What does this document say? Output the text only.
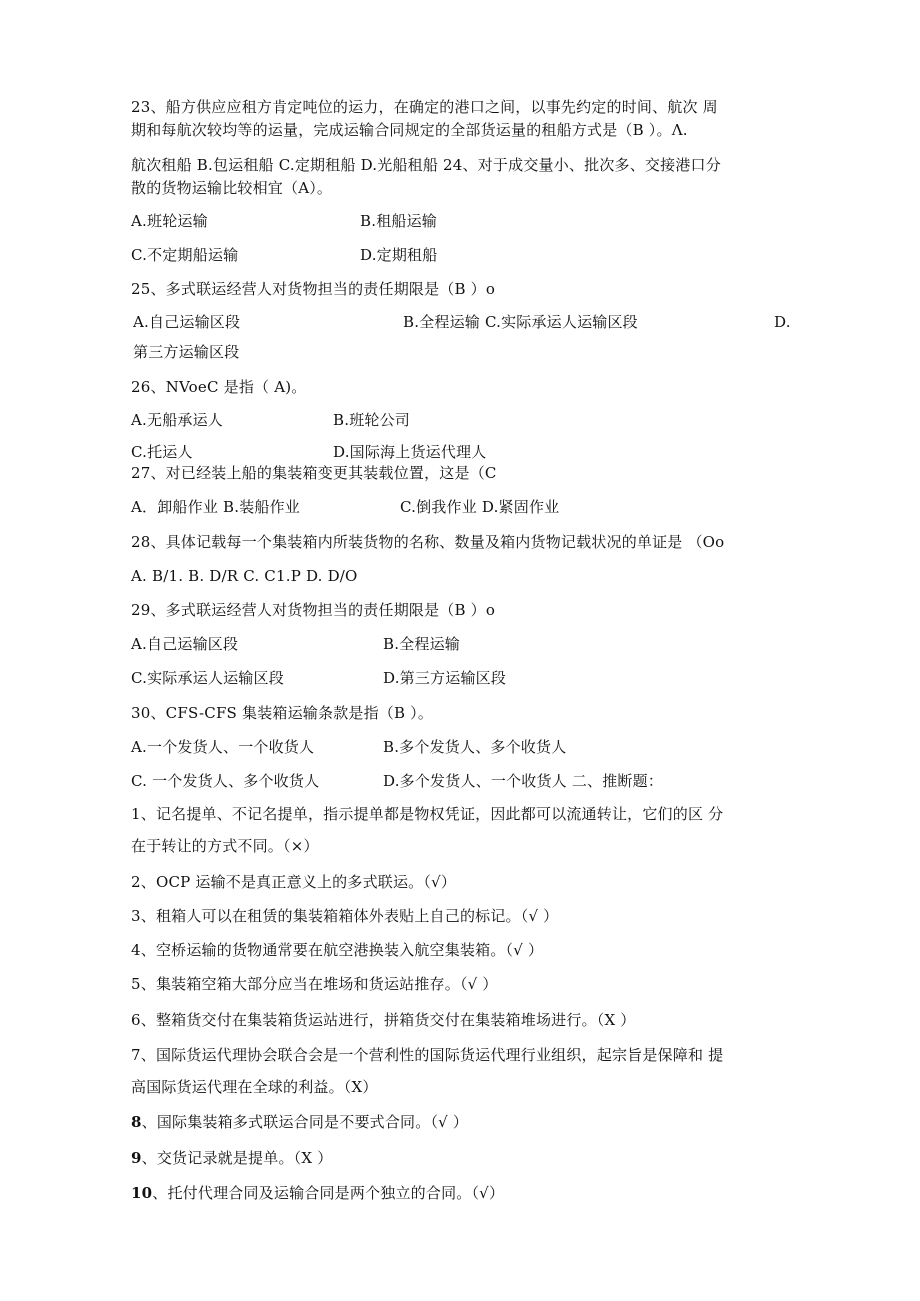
23、船方供应应租方肯定吨位的运力，在确定的港口之间，以事先约定的时间、航次 周
期和每航次较均等的运量，完成运输合同规定的全部货运量的租船方式是（B ）。Λ.
航次租船 B.包运租船 C.定期租船 D.光船租船 24、对于成交量小、批次多、交接港口分
散的货物运输比较相宜（A）。
A.班轮运输	B.租船运输
C.不定期船运输	D.定期租船
25、多式联运经营人对货物担当的责任期限是（B ）o
A.自己运输区段	B.全程运输 C.实际承运人运输区段	D.
第三方运输区段
26、NVoeC 是指（ A)。
A.无船承运人	B.班轮公司
C.托运人	D.国际海上货运代理人
27、对已经装上船的集装箱变更其装载位置，这是（C
A．卸船作业 B.装船作业	C.倒我作业 D.紧固作业
28、具体记载每一个集装箱内所装货物的名称、数量及箱内货物记载状况的单证是 （Oo
A. B/1. B. D/R C. C1.P D. D/O
29、多式联运经营人对货物担当的责任期限是（B ）o
A.自己运输区段	B.全程运输
C.实际承运人运输区段	D.第三方运输区段
30、CFS-CFS 集装箱运输条款是指（B ）。
A.一个发货人、一个收货人	B.多个发货人、多个收货人
C. 一个发货人、多个收货人	D.多个发货人、一个收货人 二、推断题：
1、记名提单、不记名提单，指示提单都是物权凭证，因此都可以流通转让，它们的区 分
在于转让的方式不同。（×）
2、OCP 运输不是真正意义上的多式联运。（√）
3、租箱人可以在租赁的集装箱箱体外表贴上自己的标记。（√ ）
4、空桥运输的货物通常要在航空港换装入航空集装箱。（√ ）
5、集装箱空箱大部分应当在堆场和货运站推存。（√ ）
6、整箱货交付在集装箱货运站进行，拼箱货交付在集装箱堆场进行。（X ）
7、国际货运代理协会联合会是一个营利性的国际货运代理行业组织，起宗旨是保障和 提
高国际货运代理在全球的利益。（X）
8、国际集装箱多式联运合同是不要式合同。（√ ）
9、交货记录就是提单。（X ）
10、托付代理合同及运输合同是两个独立的合同。（√）
